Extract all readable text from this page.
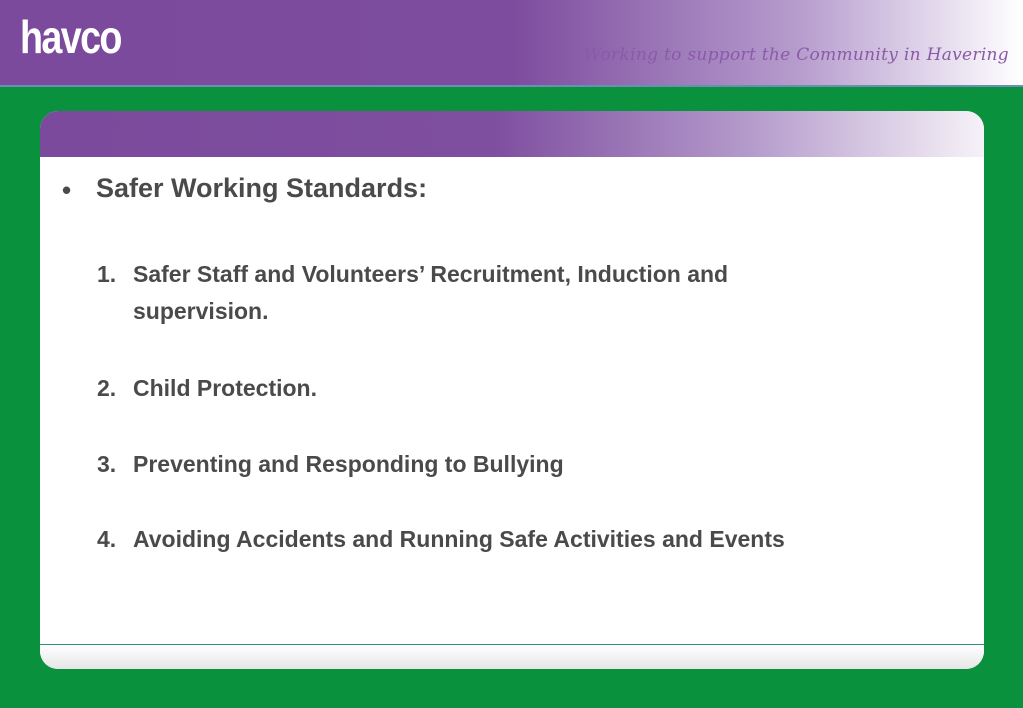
havco	Working to support the Community in Havering
• Safer Working Standards:
1. Safer Staff and Volunteers’ Recruitment, Induction and
supervision.
2. Child Protection.
3. Preventing and Responding to Bullying
4. Avoiding Accidents and Running Safe Activities and Events
